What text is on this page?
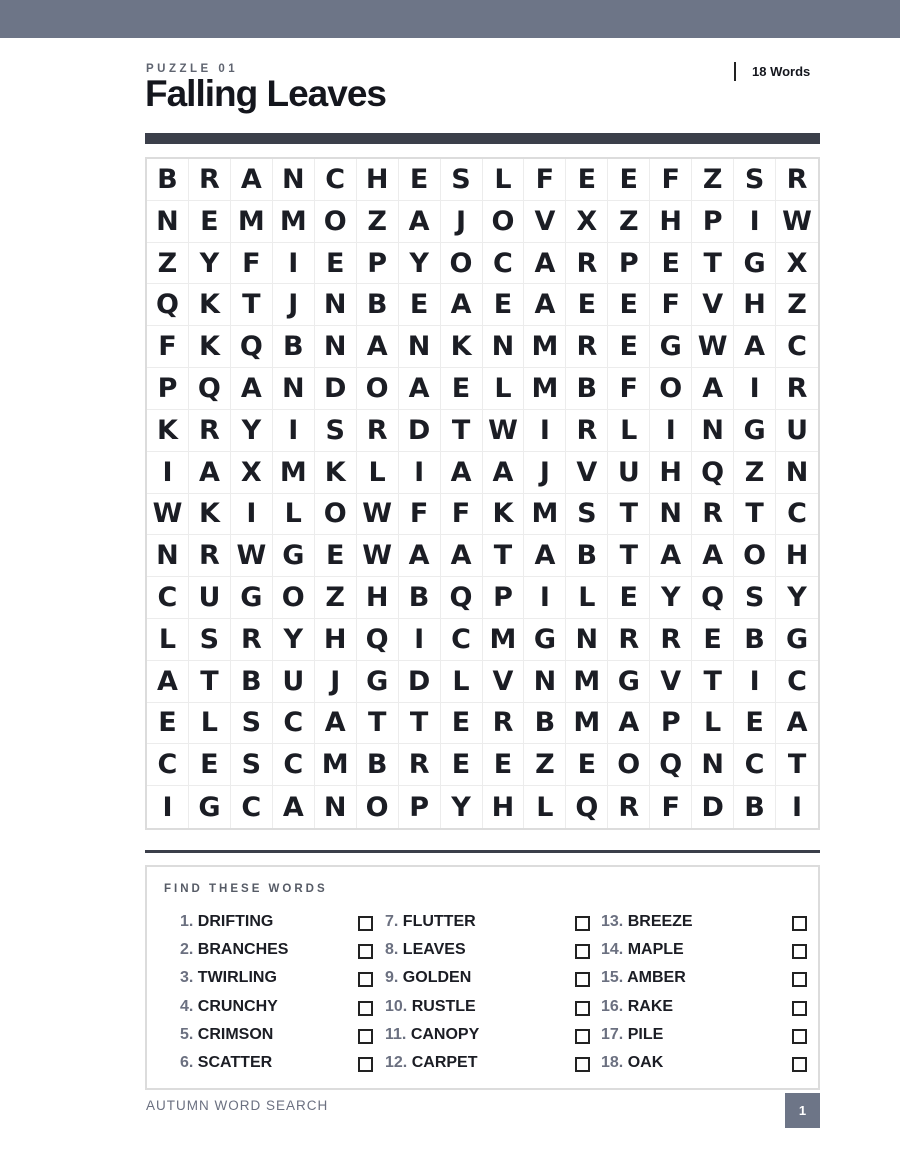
PUZZLE 01
Falling Leaves
18 Words
B R A N C H E S L F E E F Z S R
N E M M O Z A J O V X Z H P	I W
Z Y F	I	E P Y O C A R P E T G X
Q K T	J N B E A E A E E F V H Z
F K Q B N A N K N M R E G W A C
P Q A N D O A E L M B F O A I	R
K R Y	I	S R D T W I R L	I N G U
I A X M K L	I A A J V U H Q Z N
W K I	L O W F F K M S T N R T C
N R W G E W A A T A B T A A O H
C U G O Z H B Q P	I	L E Y Q S Y
L S R Y H Q I	C M G N R R E B G
A T B U J G D L V N M G V T	I	C
E L S C A T T E R B M A P L E A
C E S C M B R E E Z E O Q N C T
I G C A N O P Y H L Q R F D B	I
FIND THESE WORDS
1. DRIFTING
2. BRANCHES
3. TWIRLING
4. CRUNCHY
5. CRIMSON
6. SCATTER
7. FLUTTER
8. LEAVES
9. GOLDEN
10. RUSTLE
11. CANOPY
12. CARPET
13. BREEZE
14. MAPLE
15. AMBER
16. RAKE
17. PILE
18. OAK
AUTUMN WORD SEARCH	1
